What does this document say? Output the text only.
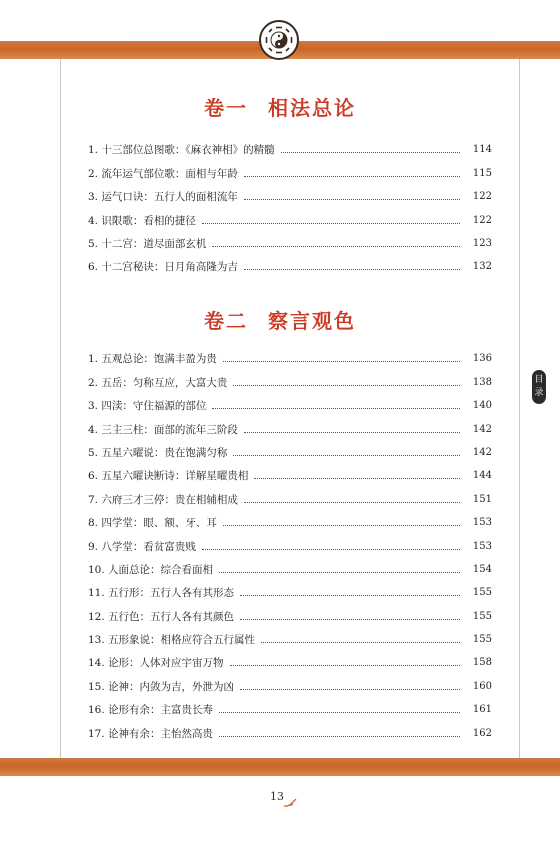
卷一 相法总论
1. 十三部位总图歌：《麻衣神相》的精髓	114
2. 流年运气部位歌：面相与年龄	115
3. 运气口诀：五行人的面相流年	122
4. 识限歌：看相的捷径	122
5. 十二宫：道尽面部玄机	123
6. 十二宫秘诀：日月角高隆为吉	132
卷二 察言观色
1. 五观总论：饱满丰盈为贵	136
2. 五岳：匀称互应，大富大贵	138
3. 四渎：守住福源的部位	140
4. 三主三柱：面部的流年三阶段	142
5. 五星六曜说：贵在饱满匀称	142
6. 五星六曜诀断诗：详解星曜贵相	144
7. 六府三才三停：贵在相辅相成	151
8. 四学堂：眼、额、牙、耳	153
9. 八学堂：看贫富贵贱	153
10. 人面总论：综合看面相	154
11. 五行形：五行人各有其形态	155
12. 五行色：五行人各有其颜色	155
13. 五形象说：相格应符合五行属性	155
14. 论形：人体对应宇宙万物	158
15. 论神：内敛为吉，外泄为凶	160
16. 论形有余：主富贵长寿	161
17. 论神有余：主怡然高贵	162
目
录
13
